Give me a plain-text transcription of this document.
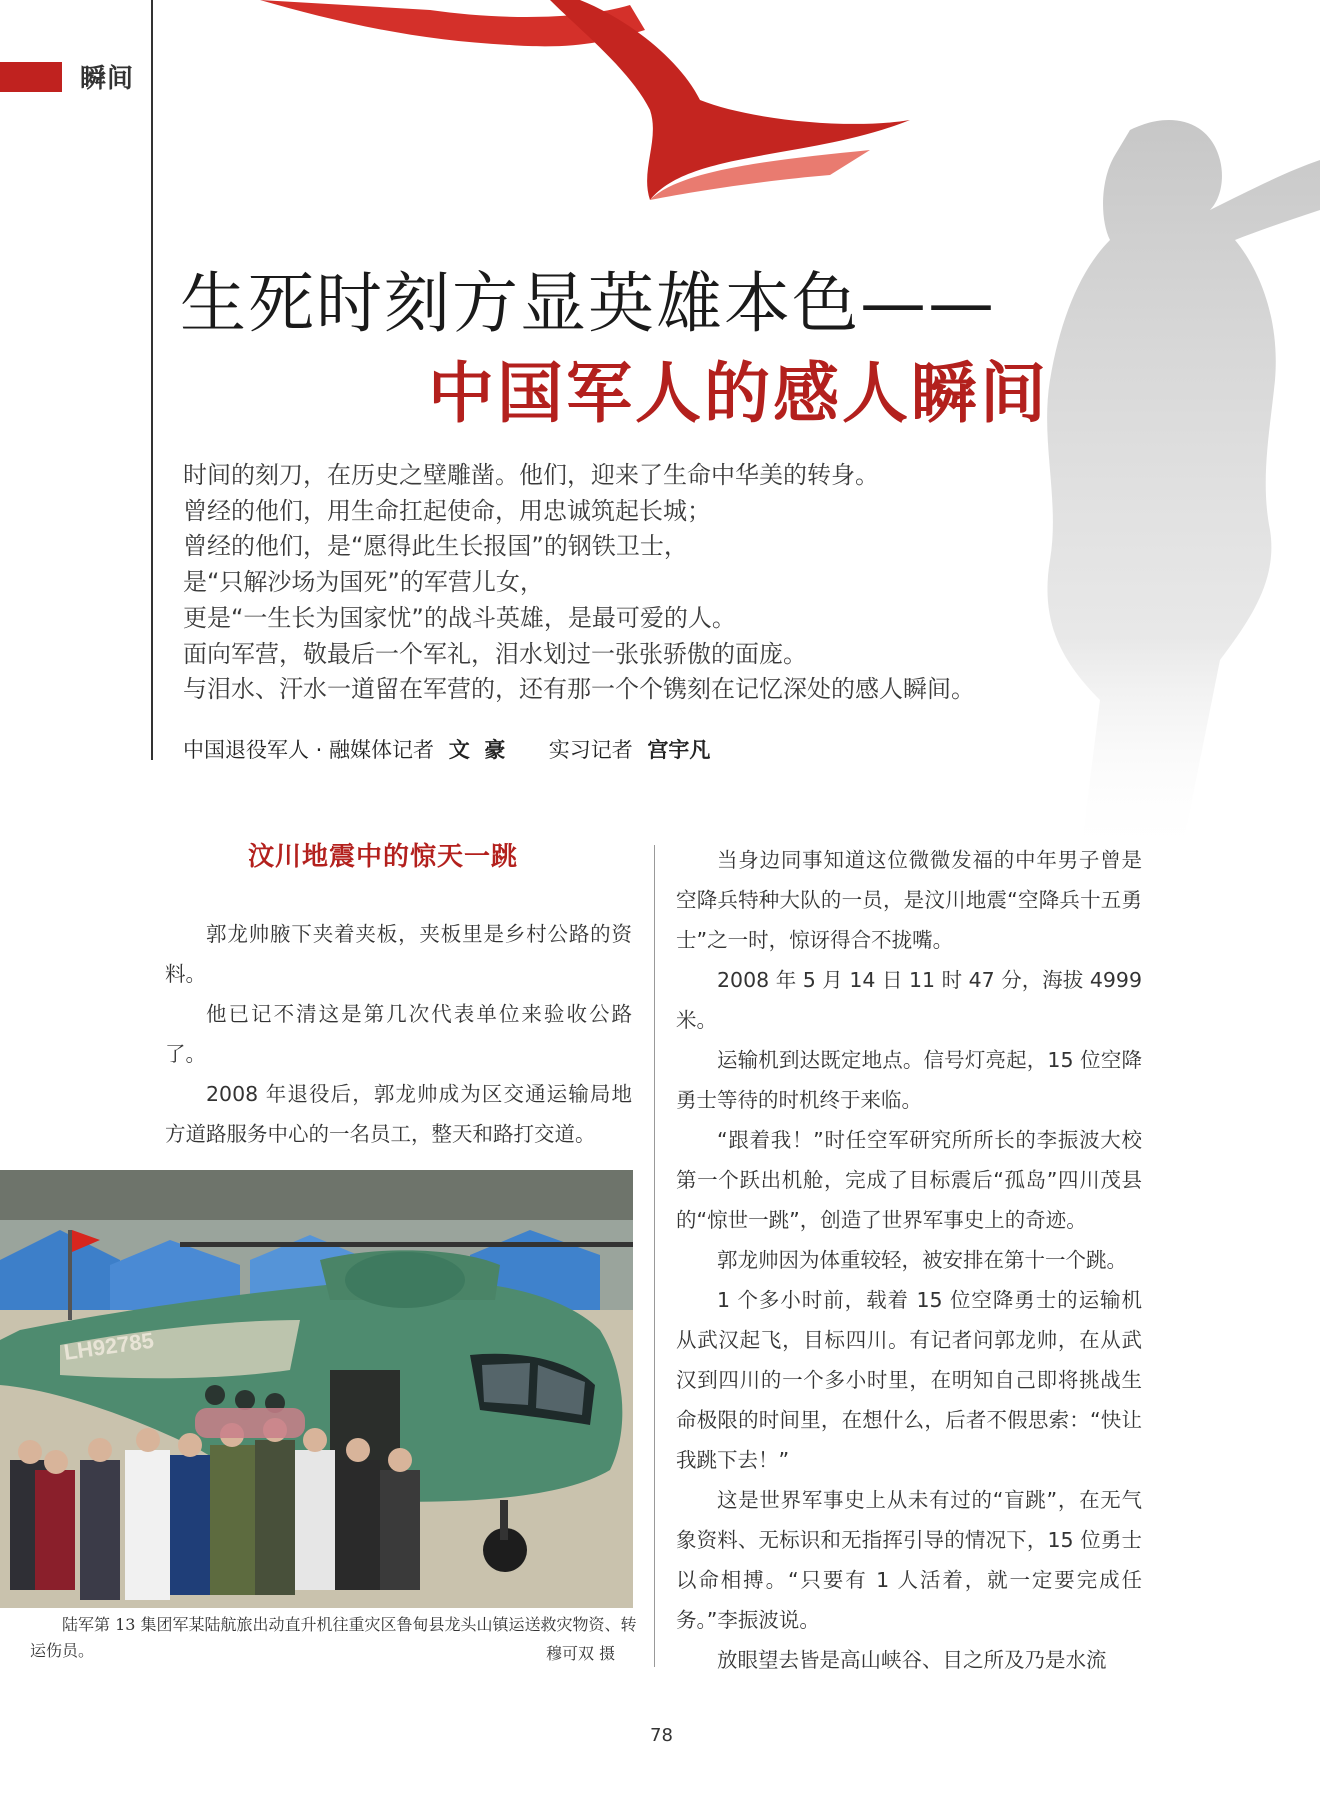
瞬间
生死时刻方显英雄本色——
中国军人的感人瞬间
时间的刻刀，在历史之壁雕凿。他们，迎来了生命中华美的转身。
曾经的他们，用生命扛起使命，用忠诚筑起长城；
曾经的他们，是“愿得此生长报国”的钢铁卫士，
是“只解沙场为国死”的军营儿女，
更是“一生长为国家忧”的战斗英雄，是最可爱的人。
面向军营，敬最后一个军礼，泪水划过一张张骄傲的面庞。
与泪水、汗水一道留在军营的，还有那一个个镌刻在记忆深处的感人瞬间。
中国退役军人 · 融媒体记者 文  豪 实习记者 宫宇凡
汶川地震中的惊天一跳

郭龙帅腋下夹着夹板，夹板里是乡村公路的资料。

他已记不清这是第几次代表单位来验收公路了。

2008 年退役后，郭龙帅成为区交通运输局地方道路服务中心的一名员工，整天和路打交道。

当身边同事知道这位微微发福的中年男子曾是空降兵特种大队的一员，是汶川地震“空降兵十五勇士”之一时，惊讶得合不拢嘴。

2008 年 5 月 14 日 11 时 47 分，海拔 4999 米。

运输机到达既定地点。信号灯亮起，15 位空降勇士等待的时机终于来临。

“跟着我！”时任空军研究所所长的李振波大校第一个跃出机舱，完成了目标震后“孤岛”四川茂县的“惊世一跳”，创造了世界军事史上的奇迹。

郭龙帅因为体重较轻，被安排在第十一个跳。

1 个多小时前，载着 15 位空降勇士的运输机从武汉起飞，目标四川。有记者问郭龙帅，在从武汉到四川的一个多小时里，在明知自己即将挑战生命极限的时间里，在想什么，后者不假思索：“快让我跳下去！”

这是世界军事史上从未有过的“盲跳”，在无气象资料、无标识和无指挥引导的情况下，15 位勇士以命相搏。“只要有 1 人活着，就一定要完成任务。”李振波说。

放眼望去皆是高山峡谷、目之所及乃是水流

LH92785
陆军第 13 集团军某陆航旅出动直升机往重灾区鲁甸县龙头山镇运送救灾物资、转运伤员。	穆可双 摄
78
